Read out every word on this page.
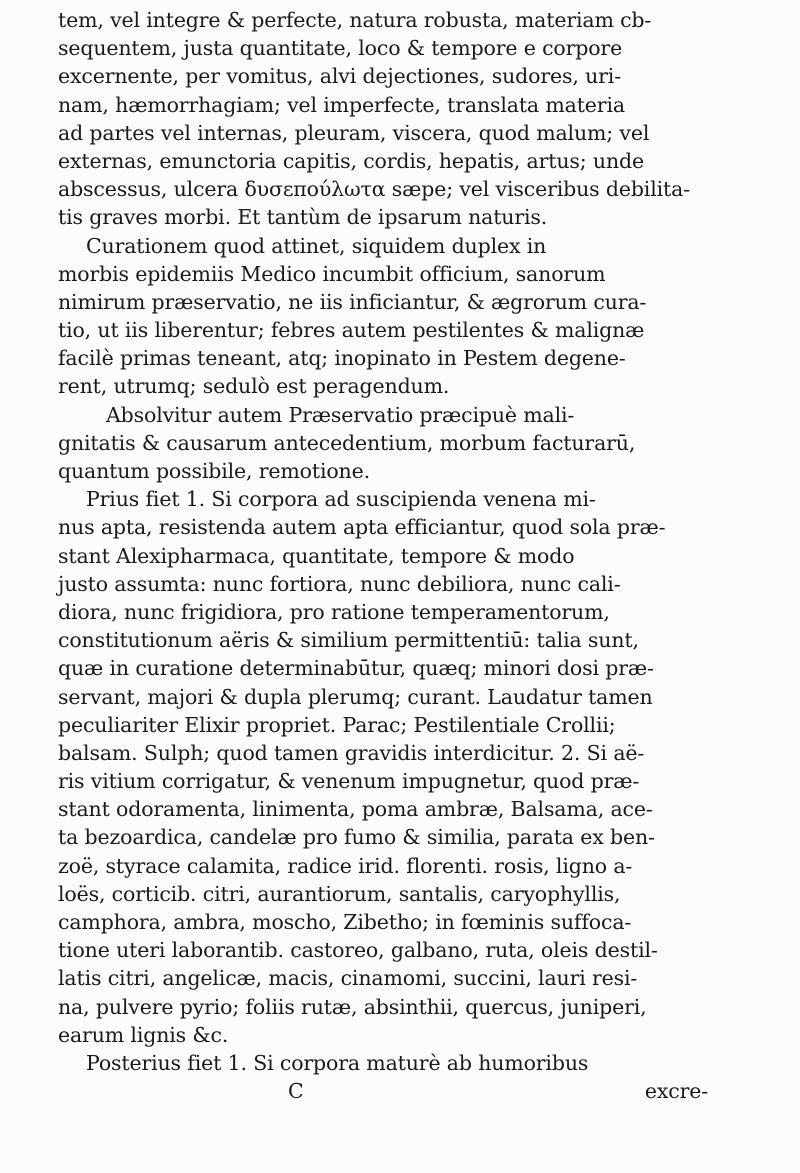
tem, vel integre & perfecte, natura robusta, materiam cb-
sequentem, justa quantitate, loco & tempore e corpore
excernente, per vomitus, alvi dejectiones, sudores, uri-
nam, hæmorrhagiam; vel imperfecte, translata materia
ad partes vel internas, pleuram, viscera, quod malum; vel
externas, emunctoria capitis, cordis, hepatis, artus; unde
abscessus, ulcera δυσεπούλωτα sæpe; vel visceribus debilita-
tis graves morbi. Et tantùm de ipsarum naturis.
Curationem quod attinet, siquidem duplex in
morbis epidemiis Medico incumbit officium, sanorum
nimirum præservatio, ne iis inficiantur, & ægrorum cura-
tio, ut iis liberentur; febres autem pestilentes & malignæ
facilè primas teneant, atq; inopinato in Pestem degene-
rent, utrumq; sedulò est peragendum.
Absolvitur autem Præservatio præcipuè mali-
gnitatis & causarum antecedentium, morbum facturarū,
quantum possibile, remotione.
Prius fiet 1. Si corpora ad suscipienda venena mi-
nus apta, resistenda autem apta efficiantur, quod sola præ-
stant Alexipharmaca, quantitate, tempore & modo
justo assumta: nunc fortiora, nunc debiliora, nunc cali-
diora, nunc frigidiora, pro ratione temperamentorum,
constitutionum aëris & similium permittentiū: talia sunt,
quæ in curatione determinabūtur, quæq; minori dosi præ-
servant, majori & dupla plerumq; curant. Laudatur tamen
peculiariter Elixir propriet. Parac; Pestilentiale Crollii;
balsam. Sulph; quod tamen gravidis interdicitur. 2. Si aë-
ris vitium corrigatur, & venenum impugnetur, quod præ-
stant odoramenta, linimenta, poma ambræ, Balsama, ace-
ta bezoardica, candelæ pro fumo & similia, parata ex ben-
zoë, styrace calamita, radice irid. florenti. rosis, ligno a-
loës, corticib. citri, aurantiorum, santalis, caryophyllis,
camphora, ambra, moscho, Zibetho; in fœminis suffoca-
tione uteri laborantib. castoreo, galbano, ruta, oleis destil-
latis citri, angelicæ, macis, cinamomi, succini, lauri resi-
na, pulvere pyrio; foliis rutæ, absinthii, quercus, juniperi,
earum lignis &c.
Posterius fiet 1. Si corpora maturè ab humoribus
C	excre-
